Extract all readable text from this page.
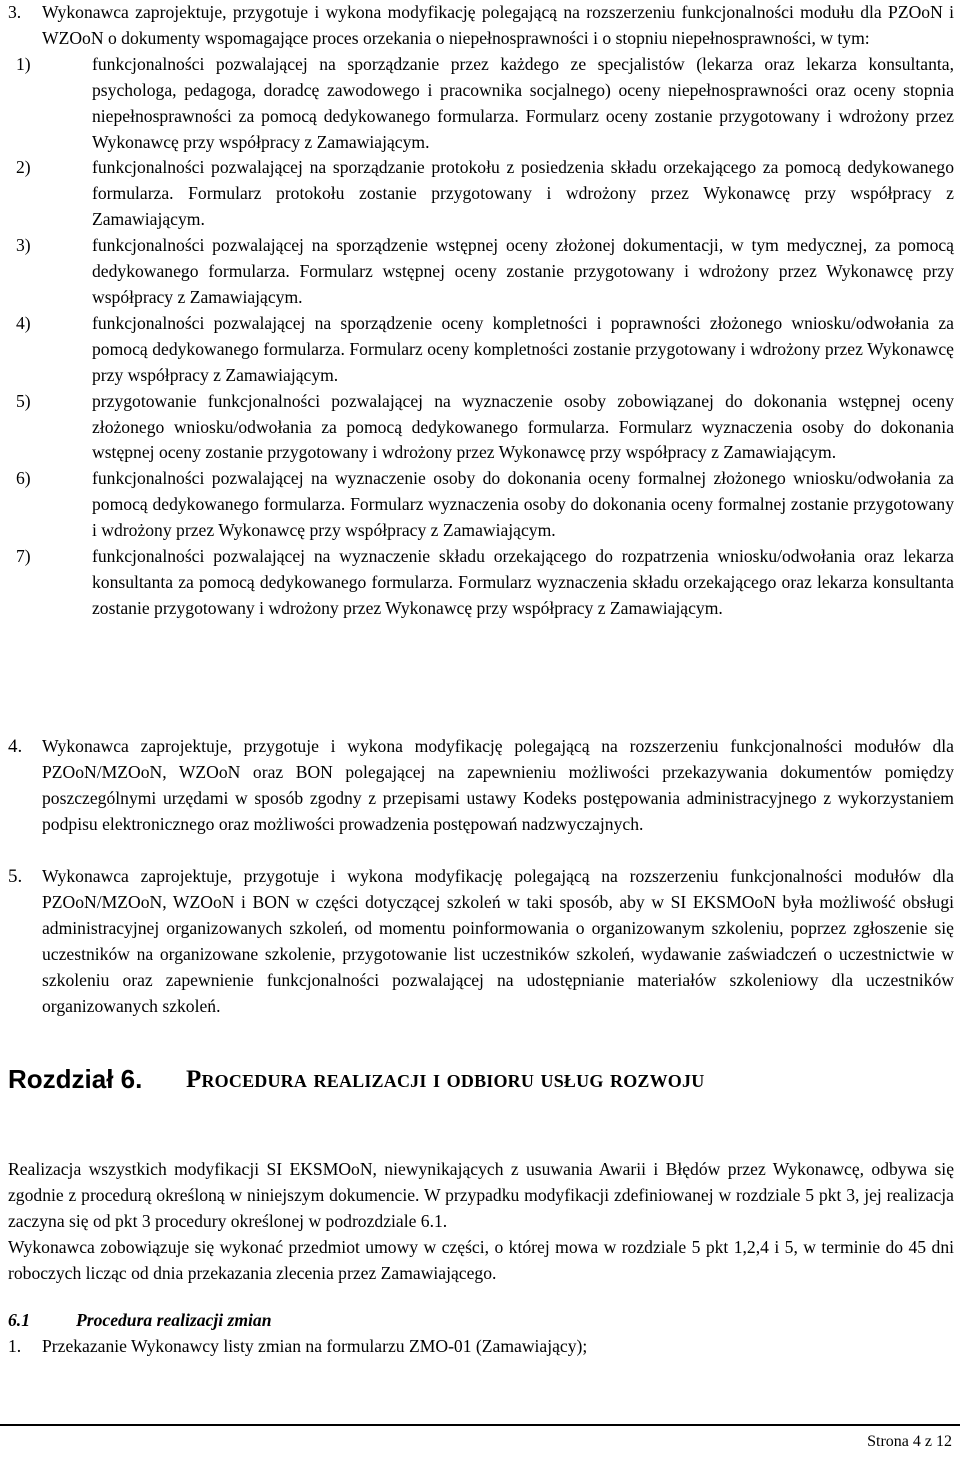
3. Wykonawca zaprojektuje, przygotuje i wykona modyfikację polegającą na rozszerzeniu funkcjonalności modułu dla PZOoN i WZOoN o dokumenty wspomagające proces orzekania o niepełnosprawności i o stopniu niepełnosprawności, w tym:

1)	funkcjonalności pozwalającej na sporządzanie przez każdego ze specjalistów (lekarza oraz lekarza konsultanta, psychologa, pedagoga, doradcę zawodowego i pracownika socjalnego) oceny niepełnosprawności oraz oceny stopnia niepełnosprawności za pomocą dedykowanego formularza. Formularz oceny zostanie przygotowany i wdrożony przez Wykonawcę przy współpracy z Zamawiającym.
2)	funkcjonalności pozwalającej na sporządzanie protokołu z posiedzenia składu orzekającego za pomocą dedykowanego formularza. Formularz protokołu zostanie przygotowany i wdrożony przez Wykonawcę przy współpracy z Zamawiającym.
3)	funkcjonalności pozwalającej na sporządzenie wstępnej oceny złożonej dokumentacji, w tym medycznej, za pomocą dedykowanego formularza. Formularz wstępnej oceny zostanie przygotowany i wdrożony przez Wykonawcę przy współpracy z Zamawiającym.
4)	funkcjonalności pozwalającej na sporządzenie oceny kompletności i poprawności złożonego wniosku/odwołania za pomocą dedykowanego formularza. Formularz oceny kompletności zostanie przygotowany i wdrożony przez Wykonawcę przy współpracy z Zamawiającym.
5)	przygotowanie funkcjonalności pozwalającej na wyznaczenie osoby zobowiązanej do dokonania wstępnej oceny złożonego wniosku/odwołania za pomocą dedykowanego formularza. Formularz wyznaczenia osoby do dokonania wstępnej oceny zostanie przygotowany i wdrożony przez Wykonawcę przy współpracy z Zamawiającym.
6)	funkcjonalności pozwalającej na wyznaczenie osoby do dokonania oceny formalnej złożonego wniosku/odwołania za pomocą dedykowanego formularza. Formularz wyznaczenia osoby do dokonania oceny formalnej zostanie przygotowany i wdrożony przez Wykonawcę przy współpracy z Zamawiającym.
7)	funkcjonalności pozwalającej na wyznaczenie składu orzekającego do rozpatrzenia wniosku/odwołania oraz lekarza konsultanta za pomocą dedykowanego formularza. Formularz wyznaczenia składu orzekającego oraz lekarza konsultanta zostanie przygotowany i wdrożony przez Wykonawcę przy współpracy z Zamawiającym.
4. Wykonawca zaprojektuje, przygotuje i wykona modyfikację polegającą na rozszerzeniu funkcjonalności modułów dla PZOoN/MZOoN, WZOoN oraz BON polegającej na zapewnieniu możliwości przekazywania dokumentów pomiędzy poszczególnymi urzędami w sposób zgodny z przepisami ustawy Kodeks postępowania administracyjnego z wykorzystaniem podpisu elektronicznego oraz możliwości prowadzenia postępowań nadzwyczajnych.
5. Wykonawca zaprojektuje, przygotuje i wykona modyfikację polegającą na rozszerzeniu funkcjonalności modułów dla PZOoN/MZOoN, WZOoN i BON w części dotyczącej szkoleń w taki sposób, aby w SI EKSMOoN była możliwość obsługi administracyjnej organizowanych szkoleń, od momentu poinformowania o organizowanym szkoleniu, poprzez zgłoszenie się uczestników na organizowane szkolenie, przygotowanie list uczestników szkoleń, wydawanie zaświadczeń o uczestnictwie w szkoleniu oraz zapewnienie funkcjonalności pozwalającej na udostępnianie materiałów szkoleniowy dla uczestników organizowanych szkoleń.
Rozdział 6. Procedura realizacji i odbioru usług rozwoju

Realizacja wszystkich modyfikacji SI EKSMOoN, niewynikających z usuwania Awarii i Błędów przez Wykonawcę, odbywa się zgodnie z procedurą określoną w niniejszym dokumencie. W przypadku modyfikacji zdefiniowanej w rozdziale 5 pkt 3, jej realizacja zaczyna się od pkt 3 procedury określonej w podrozdziale 6.1.

Wykonawca zobowiązuje się wykonać przedmiot umowy w części, o której mowa w rozdziale 5 pkt 1,2,4 i 5, w terminie do 45 dni roboczych licząc od dnia przekazania zlecenia przez Zamawiającego.

6.1	Procedura realizacji zmian
1. Przekazanie Wykonawcy listy zmian na formularzu ZMO-01 (Zamawiający);
Strona 4 z 12
